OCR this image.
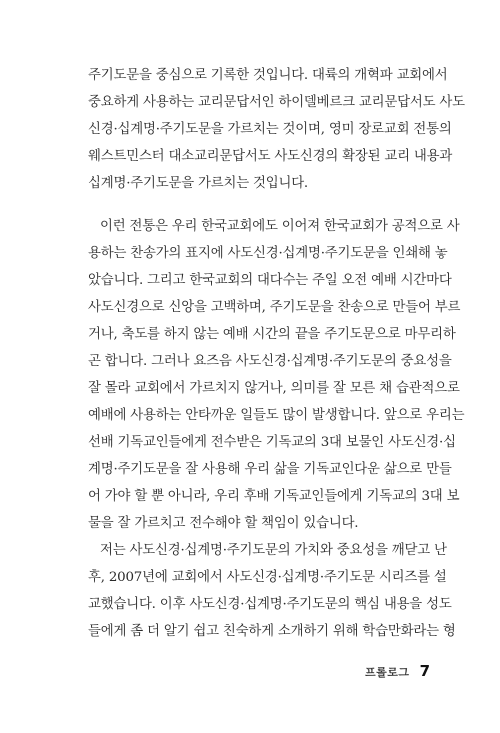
주기도문을 중심으로 기록한 것입니다. 대륙의 개혁파 교회에서
중요하게 사용하는 교리문답서인 하이델베르크 교리문답서도 사도
신경·십계명·주기도문을 가르치는 것이며, 영미 장로교회 전통의
웨스트민스터 대소교리문답서도 사도신경의 확장된 교리 내용과
십계명·주기도문을 가르치는 것입니다.
이런 전통은 우리 한국교회에도 이어져 한국교회가 공적으로 사
용하는 찬송가의 표지에 사도신경·십계명·주기도문을 인쇄해 놓
았습니다. 그리고 한국교회의 대다수는 주일 오전 예배 시간마다
사도신경으로 신앙을 고백하며, 주기도문을 찬송으로 만들어 부르
거나, 축도를 하지 않는 예배 시간의 끝을 주기도문으로 마무리하
곤 합니다. 그러나 요즈음 사도신경·십계명·주기도문의 중요성을
잘 몰라 교회에서 가르치지 않거나, 의미를 잘 모른 채 습관적으로
예배에 사용하는 안타까운 일들도 많이 발생합니다. 앞으로 우리는
선배 기독교인들에게 전수받은 기독교의 3대 보물인 사도신경·십
계명·주기도문을 잘 사용해 우리 삶을 기독교인다운 삶으로 만들
어 가야 할 뿐 아니라, 우리 후배 기독교인들에게 기독교의 3대 보
물을 잘 가르치고 전수해야 할 책임이 있습니다.
저는 사도신경·십계명·주기도문의 가치와 중요성을 깨닫고 난
후, 2007년에 교회에서 사도신경·십계명·주기도문 시리즈를 설
교했습니다. 이후 사도신경·십계명·주기도문의 핵심 내용을 성도
들에게 좀 더 알기 쉽고 친숙하게 소개하기 위해 학습만화라는 형
프롤로그 7
